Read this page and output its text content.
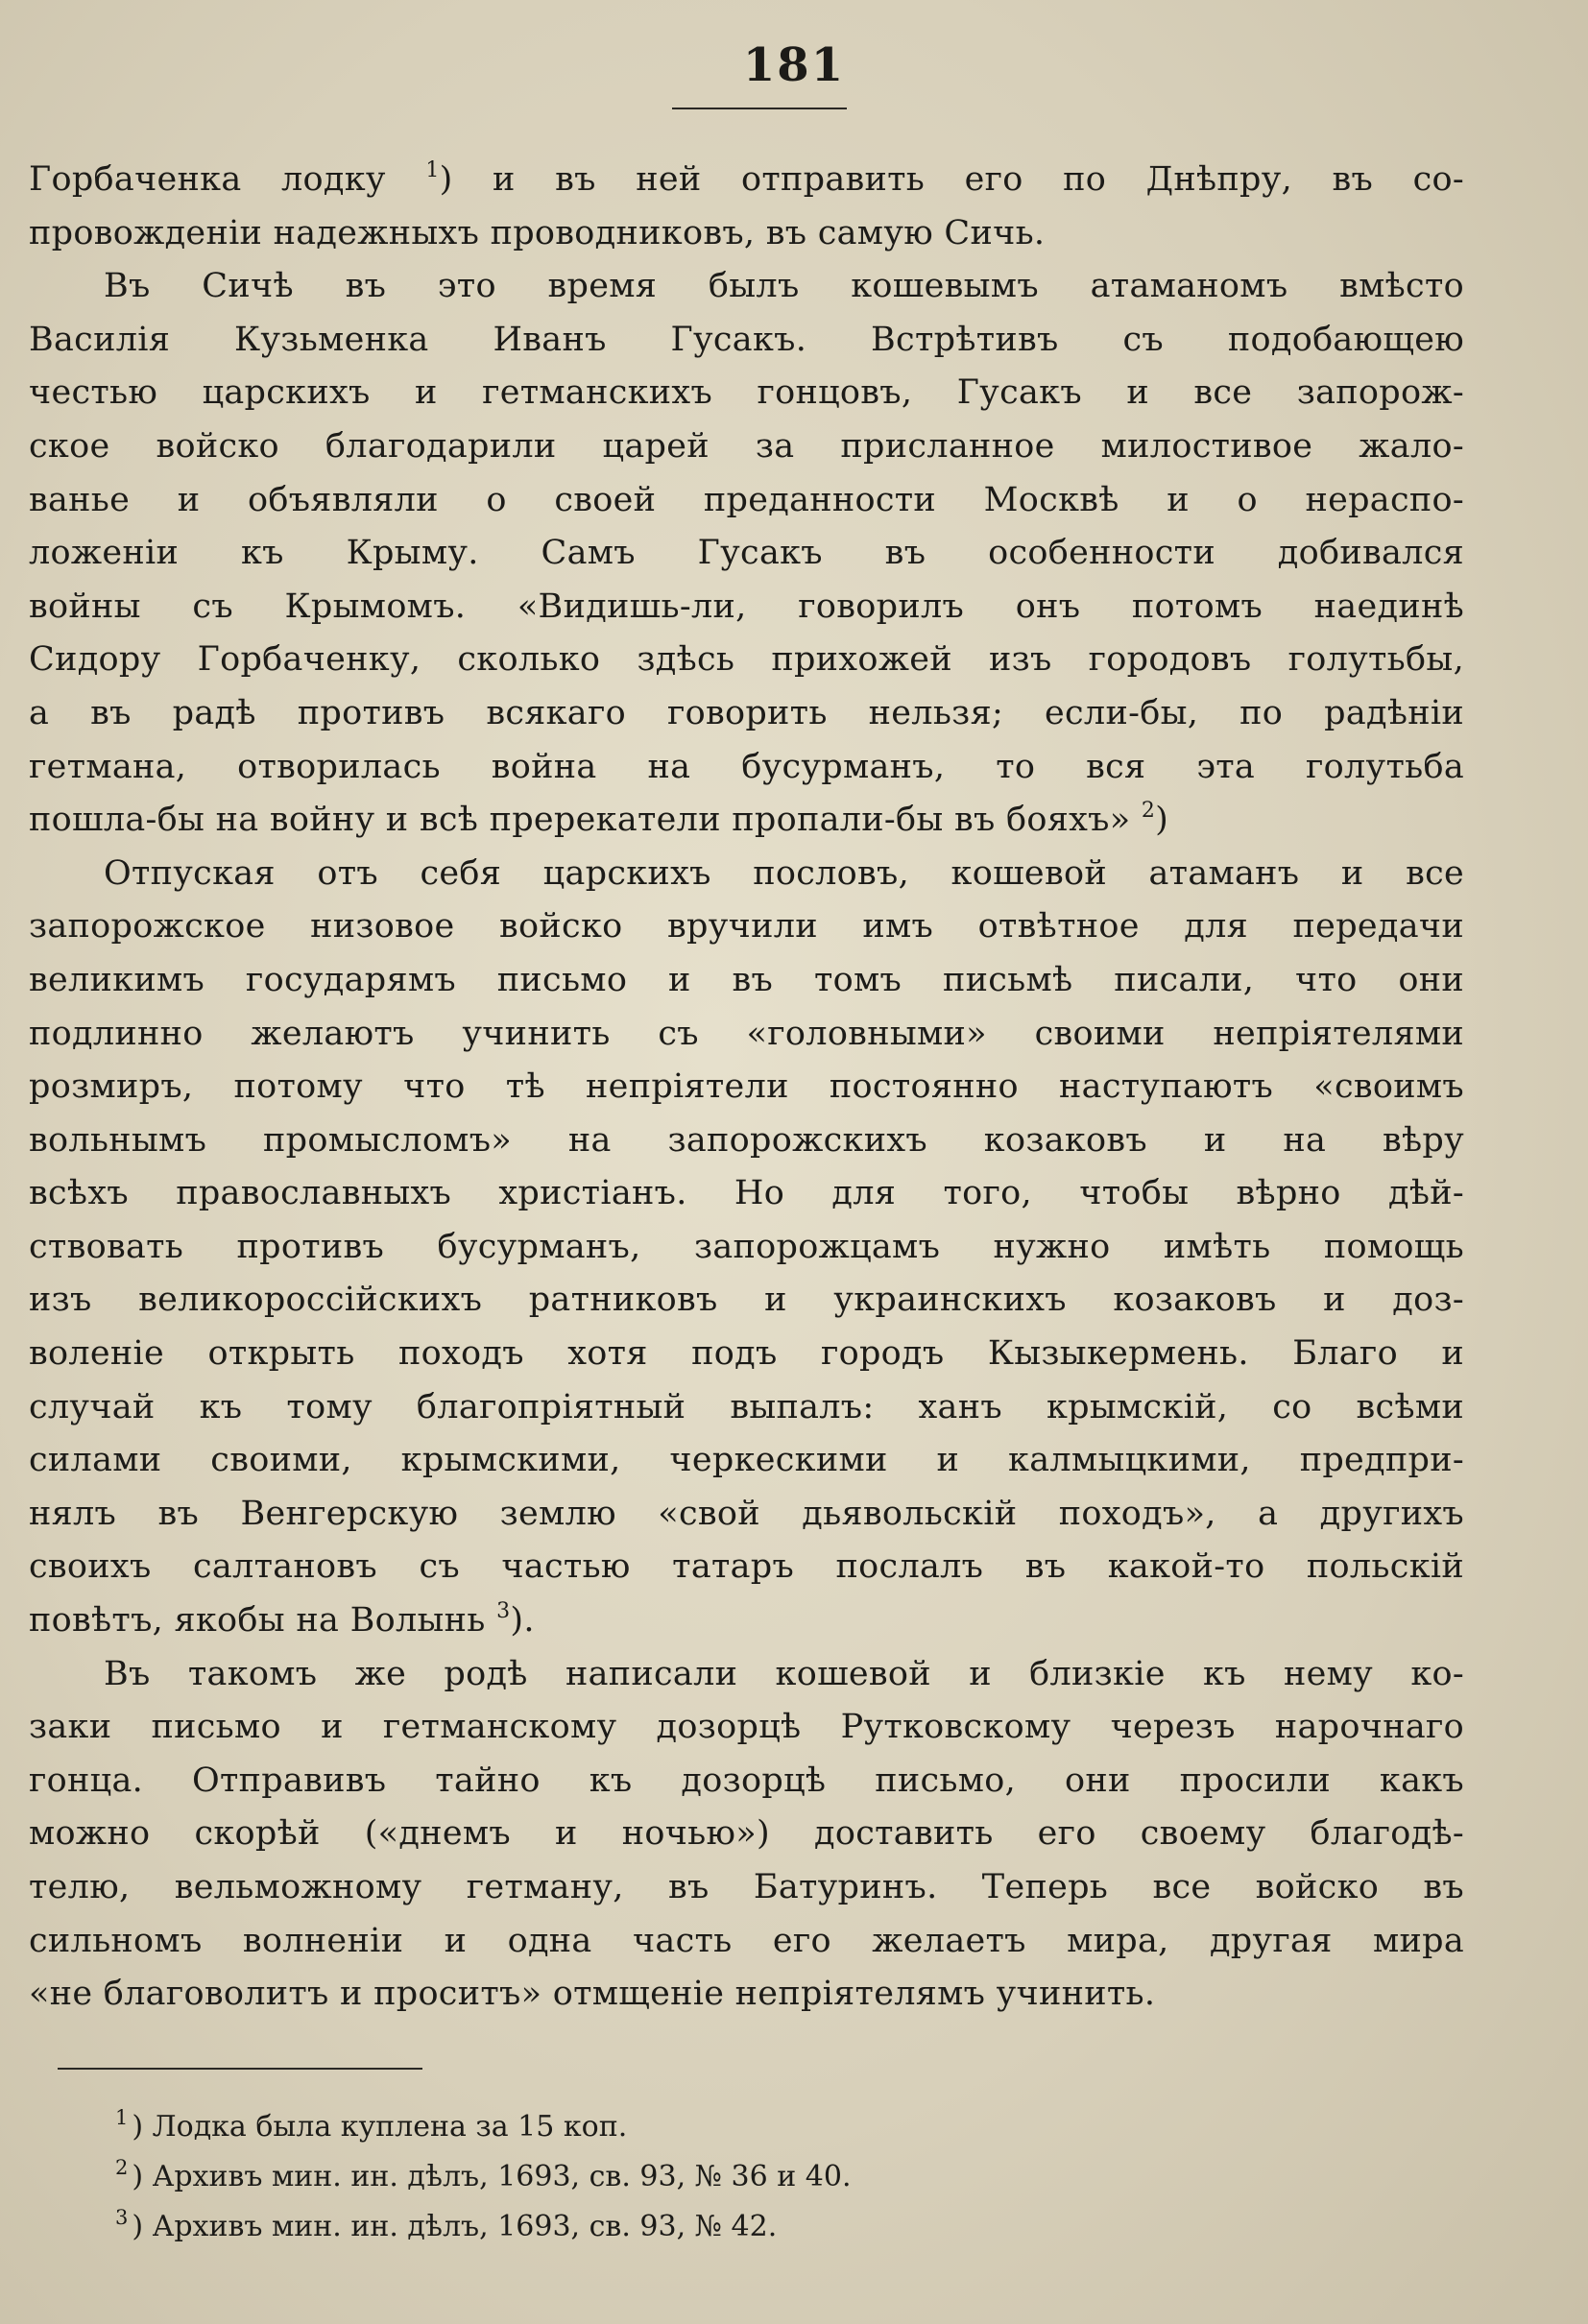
181
Горбаченка лодку $^1$) и въ ней отправить его по Днѣпру, въ со-
провожденіи надежныхъ проводниковъ, въ самую Сичь.
Въ Сичѣ въ это время былъ кошевымъ атаманомъ вмѣсто
Василія Кузьменка Иванъ Гусакъ. Встрѣтивъ съ подобающею
честью царскихъ и гетманскихъ гонцовъ, Гусакъ и все запорож-
ское войско благодарили царей за присланное милостивое жало-
ванье и объявляли о своей преданности Москвѣ и о нераспо-
ложеніи къ Крыму. Самъ Гусакъ въ особенности добивался
войны съ Крымомъ. «Видишь-ли, говорилъ онъ потомъ наединѣ
Сидору Горбаченку, сколько здѣсь прихожей изъ городовъ голутьбы,
а въ радѣ противъ всякаго говорить нельзя; если-бы, по радѣніи
гетмана, отворилась война на бусурманъ, то вся эта голутьба
пошла-бы на войну и всѣ пререкатели пропали-бы въ бояхъ» $^2$)
Отпуская отъ себя царскихъ пословъ, кошевой атаманъ и все
запорожское низовое войско вручили имъ отвѣтное для передачи
великимъ государямъ письмо и въ томъ письмѣ писали, что они
подлинно желаютъ учинить съ «головными» своими непріятелями
розмиръ, потому что тѣ непріятели постоянно наступаютъ «своимъ
вольнымъ промысломъ» на запорожскихъ козаковъ и на вѣру
всѣхъ православныхъ христіанъ. Но для того, чтобы вѣрно дѣй-
ствовать противъ бусурманъ, запорожцамъ нужно имѣть помощь
изъ великороссійскихъ ратниковъ и украинскихъ козаковъ и доз-
воленіе открыть походъ хотя подъ городъ Кызыкермень. Благо и
случай къ тому благопріятный выпалъ: ханъ крымскій, со всѣми
силами своими, крымскими, черкескими и калмыцкими, предпри-
нялъ въ Венгерскую землю «свой дьявольскій походъ», а другихъ
своихъ салтановъ съ частью татаръ послалъ въ какой-то польскій
повѣтъ, якобы на Волынь $^3$).
Въ такомъ же родѣ написали кошевой и близкіе къ нему ко-
заки письмо и гетманскому дозорцѣ Рутковскому черезъ нарочнаго
гонца. Отправивъ тайно къ дозорцѣ письмо, они просили какъ
можно скорѣй («днемъ и ночью») доставить его своему благодѣ-
телю, вельможному гетману, въ Батуринъ. Теперь все войско въ
сильномъ волненіи и одна часть его желаетъ мира, другая мира
«не благоволитъ и проситъ» отмщеніе непріятелямъ учинить.

$^1$ ) Лодка была куплена за 15 коп.

$^2$ ) Архивъ мин. ин. дѣлъ, 1693, св. 93, № 36 и 40.

$^3$ ) Архивъ мин. ин. дѣлъ, 1693, св. 93, № 42.
